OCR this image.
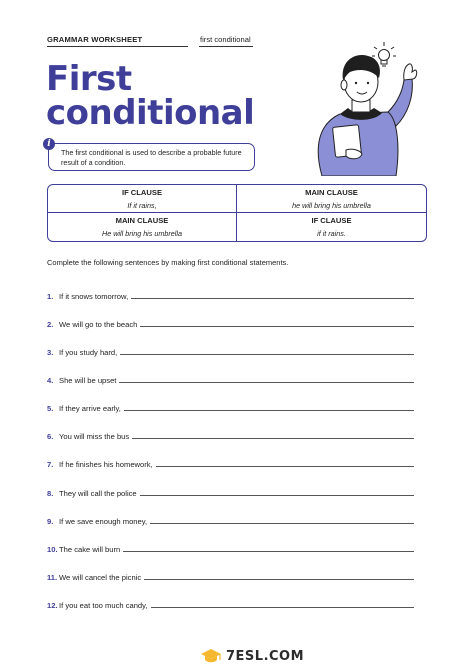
GRAMMAR WORKSHEET	first conditional
First
conditional
i
The first conditional is used to describe a probable future result of a condition.
IF CLAUSE
If it rains,
MAIN CLAUSE
he will bring his umbrella
MAIN CLAUSE
He will bring his umbrella
IF CLAUSE
if it rains.
Complete the following sentences by making first conditional statements.
1. If it snows tomorrow,
2. We will go to the beach
3. If you study hard,
4. She will be upset
5. If they arrive early,
6. You will miss the bus
7. If he finishes his homework,
8. They will call the police
9. If we save enough money,
10. The cake will burn
11. We will cancel the picnic
12. If you eat too much candy,
7ESL.COM
